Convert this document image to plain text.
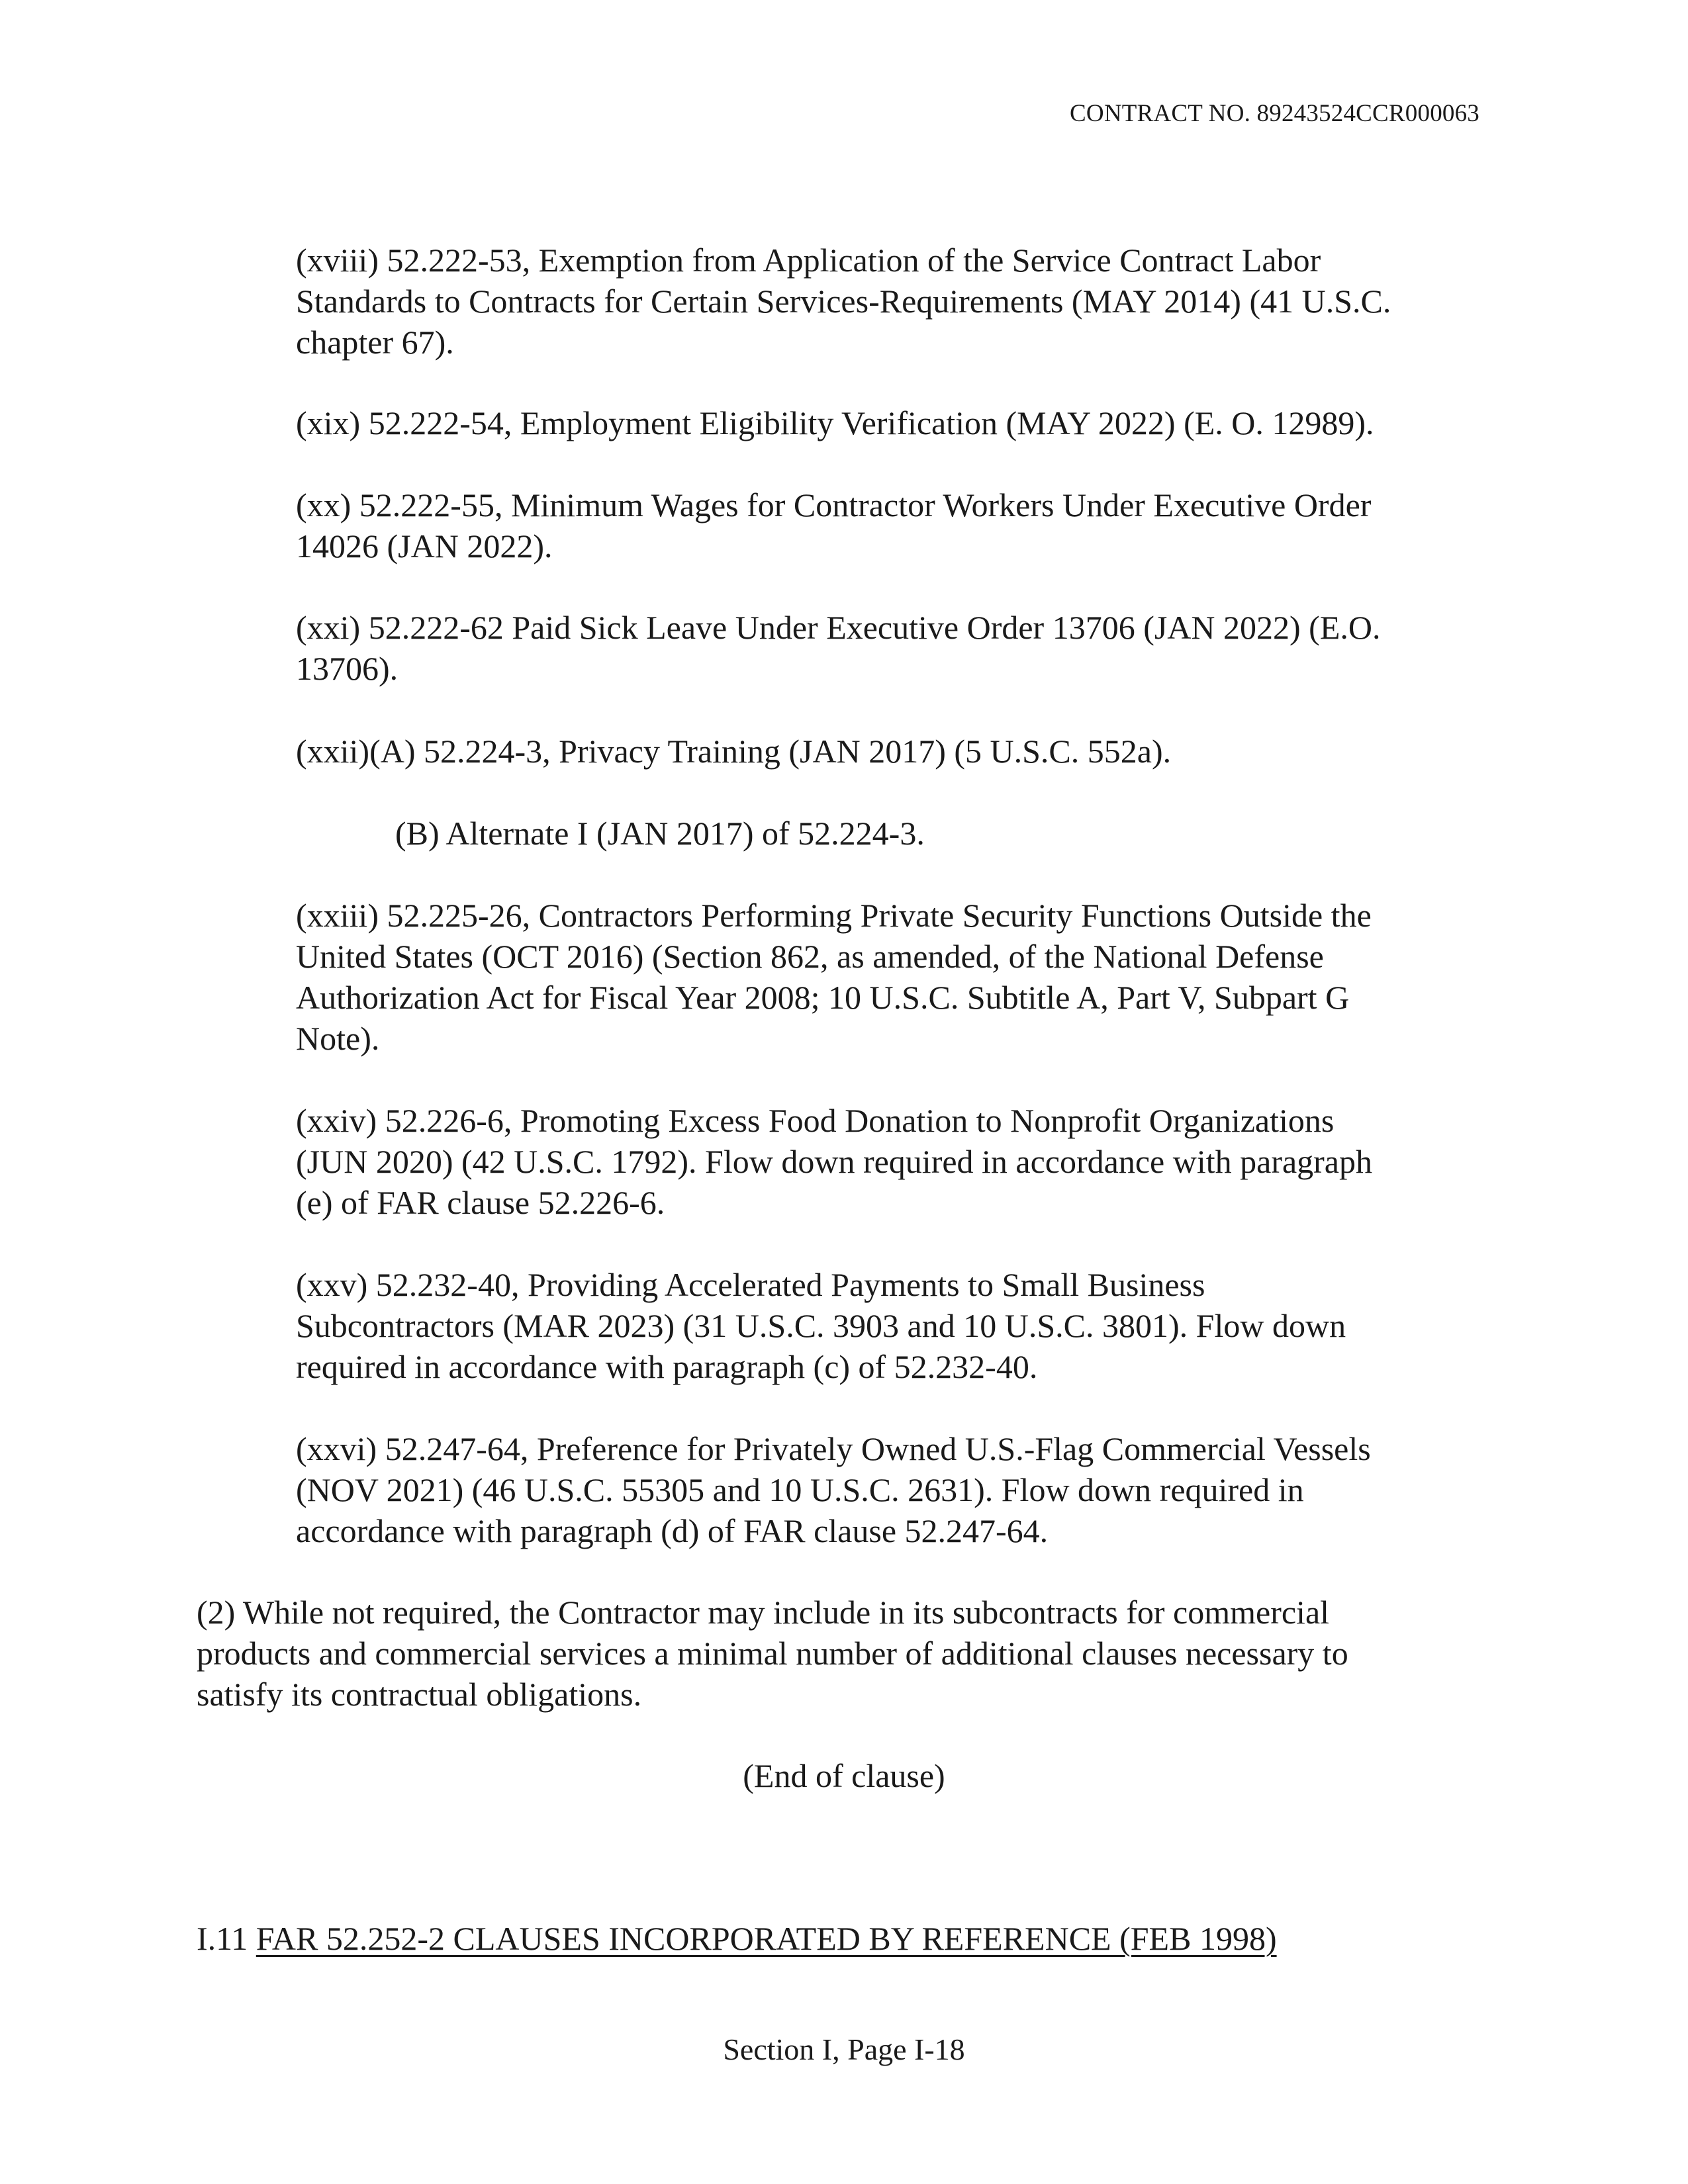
CONTRACT NO. 89243524CCR000063
(xviii) 52.222-53, Exemption from Application of the Service Contract Labor
Standards to Contracts for Certain Services-Requirements (MAY 2014) (41 U.S.C.
chapter 67).
(xix) 52.222-54, Employment Eligibility Verification (MAY 2022) (E. O. 12989).
(xx) 52.222-55, Minimum Wages for Contractor Workers Under Executive Order
14026 (JAN 2022).
(xxi) 52.222-62 Paid Sick Leave Under Executive Order 13706 (JAN 2022) (E.O.
13706).
(xxii)(A) 52.224-3, Privacy Training (JAN 2017) (5 U.S.C. 552a).
(B) Alternate I (JAN 2017) of 52.224-3.
(xxiii) 52.225-26, Contractors Performing Private Security Functions Outside the
United States (OCT 2016) (Section 862, as amended, of the National Defense
Authorization Act for Fiscal Year 2008; 10 U.S.C. Subtitle A, Part V, Subpart G
Note).
(xxiv) 52.226-6, Promoting Excess Food Donation to Nonprofit Organizations
(JUN 2020) (42 U.S.C. 1792). Flow down required in accordance with paragraph
(e) of FAR clause 52.226-6.
(xxv) 52.232-40, Providing Accelerated Payments to Small Business
Subcontractors (MAR 2023) (31 U.S.C. 3903 and 10 U.S.C. 3801). Flow down
required in accordance with paragraph (c) of 52.232-40.
(xxvi) 52.247-64, Preference for Privately Owned U.S.-Flag Commercial Vessels
(NOV 2021) (46 U.S.C. 55305 and 10 U.S.C. 2631). Flow down required in
accordance with paragraph (d) of FAR clause 52.247-64.
(2) While not required, the Contractor may include in its subcontracts for commercial
products and commercial services a minimal number of additional clauses necessary to
satisfy its contractual obligations.
(End of clause)
I.11 FAR 52.252-2 CLAUSES INCORPORATED BY REFERENCE (FEB 1998)
Section I, Page I-18
